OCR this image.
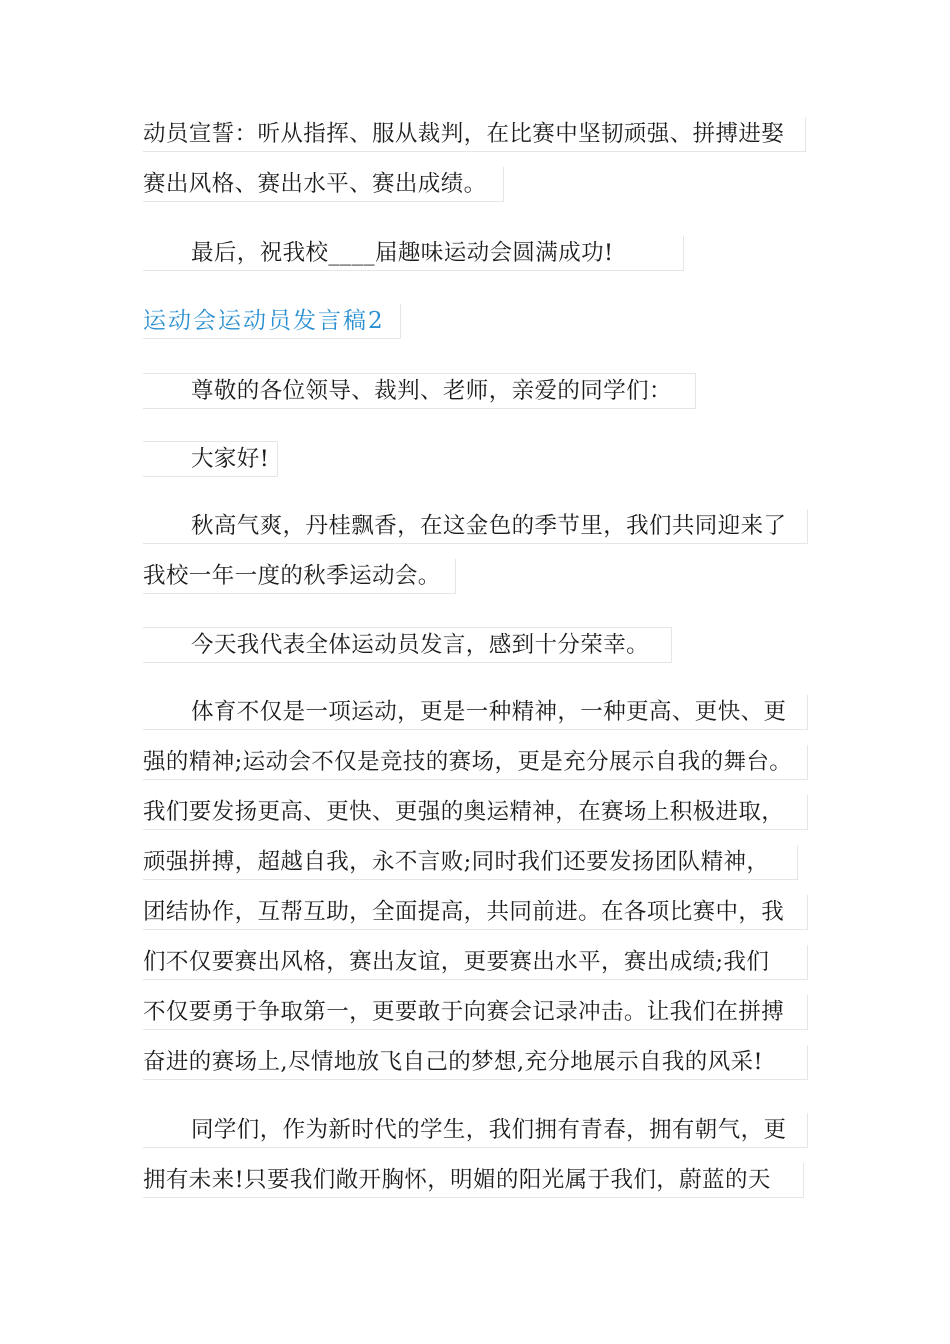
动员宣誓：听从指挥、服从裁判，在比赛中坚韧顽强、拼搏进娶
赛出风格、赛出水平、赛出成绩。
最后，祝我校____届趣味运动会圆满成功!
运动会运动员发言稿2
尊敬的各位领导、裁判、老师，亲爱的同学们：
大家好!
秋高气爽，丹桂飘香，在这金色的季节里，我们共同迎来了
我校一年一度的秋季运动会。
今天我代表全体运动员发言，感到十分荣幸。
体育不仅是一项运动，更是一种精神，一种更高、更快、更
强的精神;运动会不仅是竞技的赛场，更是充分展示自我的舞台。
我们要发扬更高、更快、更强的奥运精神，在赛场上积极进取，
顽强拼搏，超越自我，永不言败;同时我们还要发扬团队精神，
团结协作，互帮互助，全面提高，共同前进。在各项比赛中，我
们不仅要赛出风格，赛出友谊，更要赛出水平，赛出成绩;我们
不仅要勇于争取第一，更要敢于向赛会记录冲击。让我们在拼搏
奋进的赛场上,尽情地放飞自己的梦想,充分地展示自我的风采!
同学们，作为新时代的学生，我们拥有青春，拥有朝气，更
拥有未来!只要我们敞开胸怀，明媚的阳光属于我们，蔚蓝的天
